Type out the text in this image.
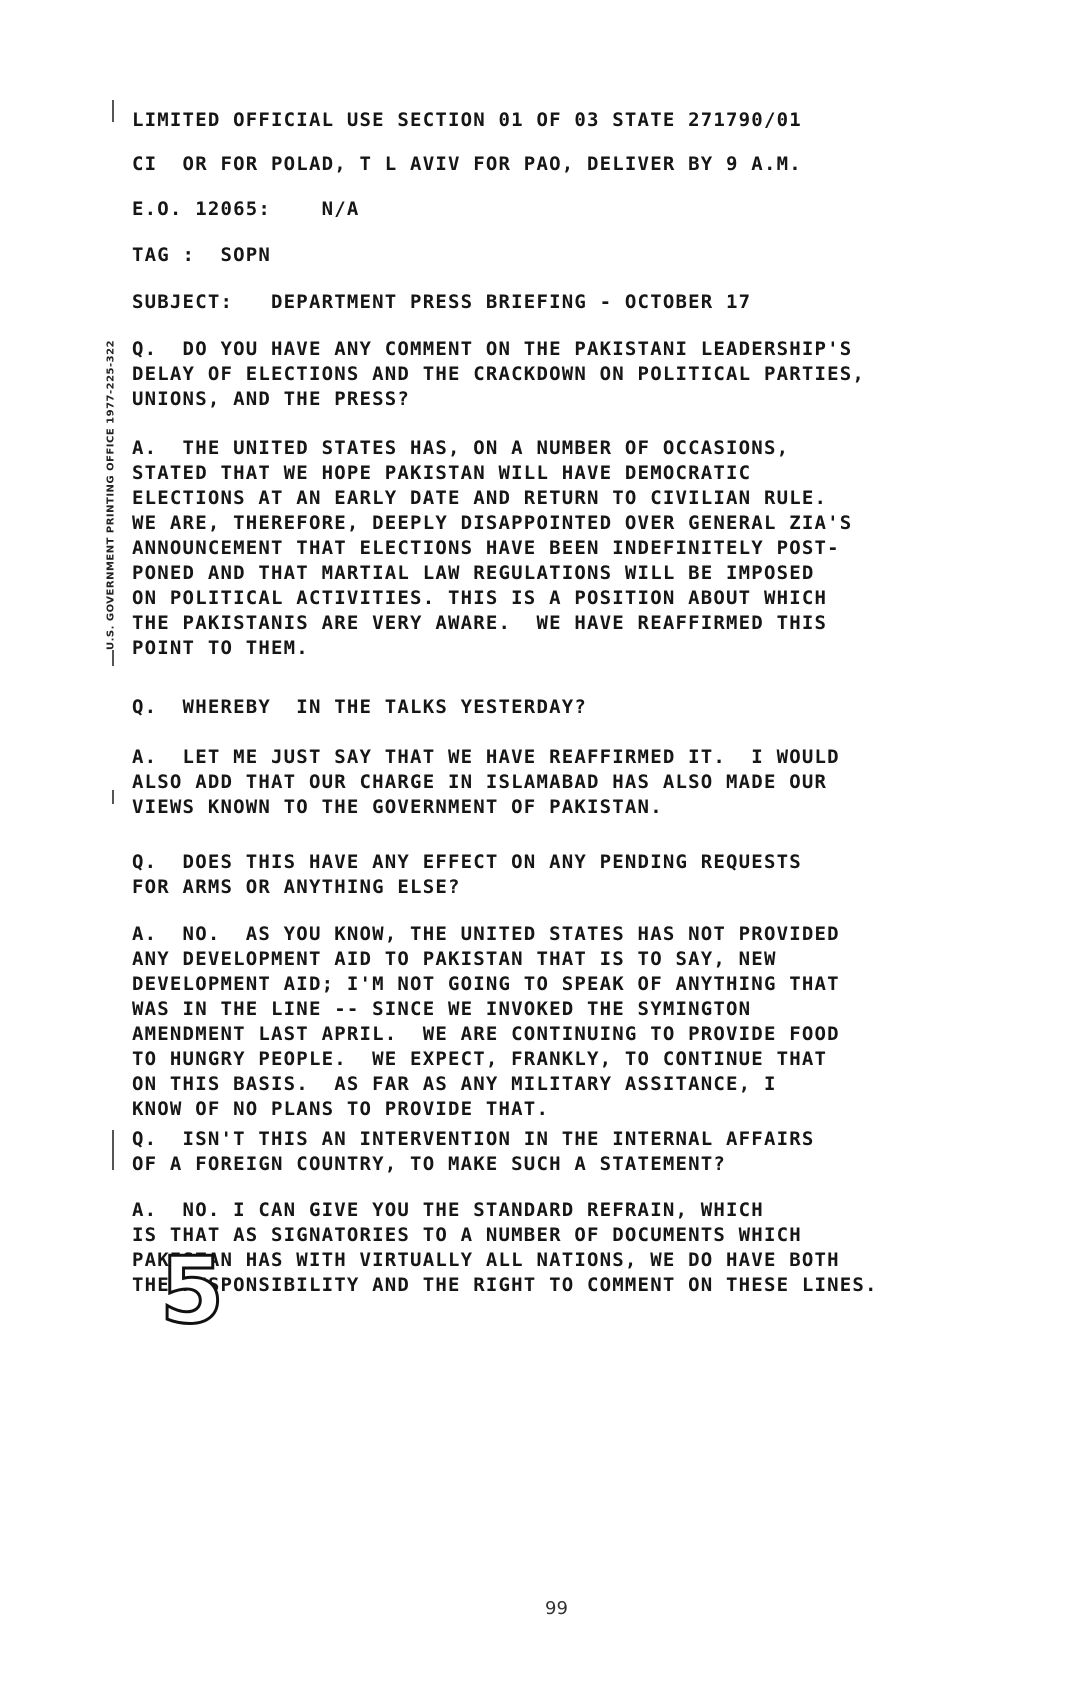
LIMITED OFFICIAL USE SECTION 01 OF 03 STATE 271790/01
CI  OR FOR POLAD, T L AVIV FOR PAO, DELIVER BY 9 A.M.
E.O. 12065:    N/A
TAG :  SOPN
SUBJECT:   DEPARTMENT PRESS BRIEFING - OCTOBER 17
U.S. GOVERNMENT PRINTING OFFICE 1977-225-322 Q.  DO YOU HAVE ANY COMMENT ON THE PAKISTANI LEADERSHIP'S
DELAY OF ELECTIONS AND THE CRACKDOWN ON POLITICAL PARTIES,
UNIONS, AND THE PRESS?
A.  THE UNITED STATES HAS, ON A NUMBER OF OCCASIONS,
STATED THAT WE HOPE PAKISTAN WILL HAVE DEMOCRATIC
ELECTIONS AT AN EARLY DATE AND RETURN TO CIVILIAN RULE.
WE ARE, THEREFORE, DEEPLY DISAPPOINTED OVER GENERAL ZIA'S
ANNOUNCEMENT THAT ELECTIONS HAVE BEEN INDEFINITELY POST-
PONED AND THAT MARTIAL LAW REGULATIONS WILL BE IMPOSED
ON POLITICAL ACTIVITIES. THIS IS A POSITION ABOUT WHICH
THE PAKISTANIS ARE VERY AWARE.  WE HAVE REAFFIRMED THIS
POINT TO THEM.
Q.  WHEREBY  IN THE TALKS YESTERDAY?
A.  LET ME JUST SAY THAT WE HAVE REAFFIRMED IT.  I WOULD
ALSO ADD THAT OUR CHARGE IN ISLAMABAD HAS ALSO MADE OUR
VIEWS KNOWN TO THE GOVERNMENT OF PAKISTAN.
Q.  DOES THIS HAVE ANY EFFECT ON ANY PENDING REQUESTS
FOR ARMS OR ANYTHING ELSE?
A.  NO.  AS YOU KNOW, THE UNITED STATES HAS NOT PROVIDED
ANY DEVELOPMENT AID TO PAKISTAN THAT IS TO SAY, NEW
DEVELOPMENT AID; I'M NOT GOING TO SPEAK OF ANYTHING THAT
WAS IN THE LINE -- SINCE WE INVOKED THE SYMINGTON
AMENDMENT LAST APRIL.  WE ARE CONTINUING TO PROVIDE FOOD
TO HUNGRY PEOPLE.  WE EXPECT, FRANKLY, TO CONTINUE THAT
ON THIS BASIS.  AS FAR AS ANY MILITARY ASSITANCE, I
KNOW OF NO PLANS TO PROVIDE THAT.
Q.  ISN'T THIS AN INTERVENTION IN THE INTERNAL AFFAIRS
OF A FOREIGN COUNTRY, TO MAKE SUCH A STATEMENT?
A.  NO. I CAN GIVE YOU THE STANDARD REFRAIN, WHICH
IS THAT AS SIGNATORIES TO A NUMBER OF DOCUMENTS WHICH
PAKISTAN HAS WITH VIRTUALLY ALL NATIONS, WE DO HAVE BOTH
THE RESPONSIBILITY AND THE RIGHT TO COMMENT ON THESE LINES.
5
99
